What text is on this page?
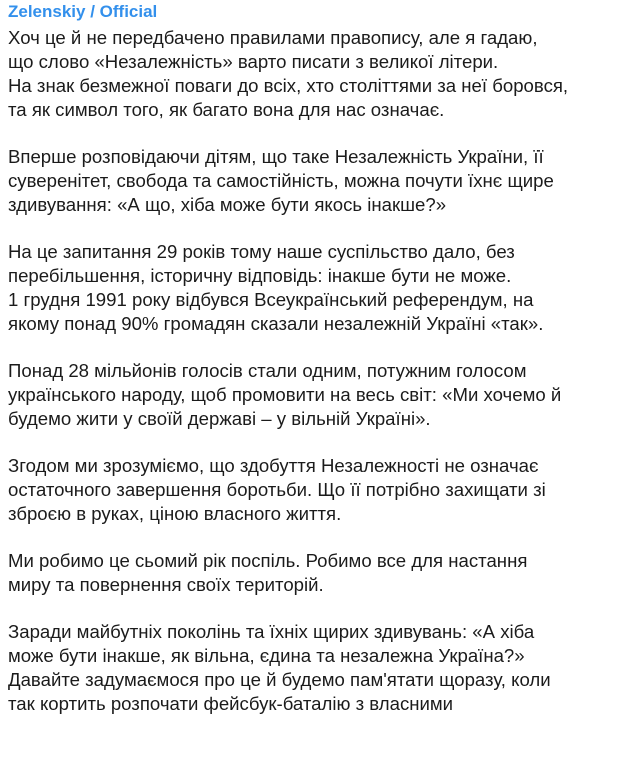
Zelenskiy / Official

Хоч це й не передбачено правилами правопису, але я гадаю,
що слово «Незалежність» варто писати з великої літери.
На знак безмежної поваги до всіх, хто століттями за неї боровся,
та як символ того, як багато вона для нас означає.

Вперше розповідаючи дітям, що таке Незалежність України, її
суверенітет, свобода та самостійність, можна почути їхнє щире
здивування: «А що, хіба може бути якось інакше?»

На це запитання 29 років тому наше суспільство дало, без
перебільшення, історичну відповідь: інакше бути не може.
1 грудня 1991 року відбувся Всеукраїнський референдум, на
якому понад 90% громадян сказали незалежній Україні «так».

Понад 28 мільйонів голосів стали одним, потужним голосом
українського народу, щоб промовити на весь світ: «Ми хочемо й
будемо жити у своїй державі – у вільній Україні».

Згодом ми зрозуміємо, що здобуття Незалежності не означає
остаточного завершення боротьби. Що її потрібно захищати зі
зброєю в руках, ціною власного життя.

Ми робимо це сьомий рік поспіль. Робимо все для настання
миру та повернення своїх територій.

Заради майбутніх поколінь та їхніх щирих здивувань: «А хіба
може бути інакше, як вільна, єдина та незалежна Україна?»
Давайте задумаємося про це й будемо пам'ятати щоразу, коли
так кортить розпочати фейсбук-баталію з власними
